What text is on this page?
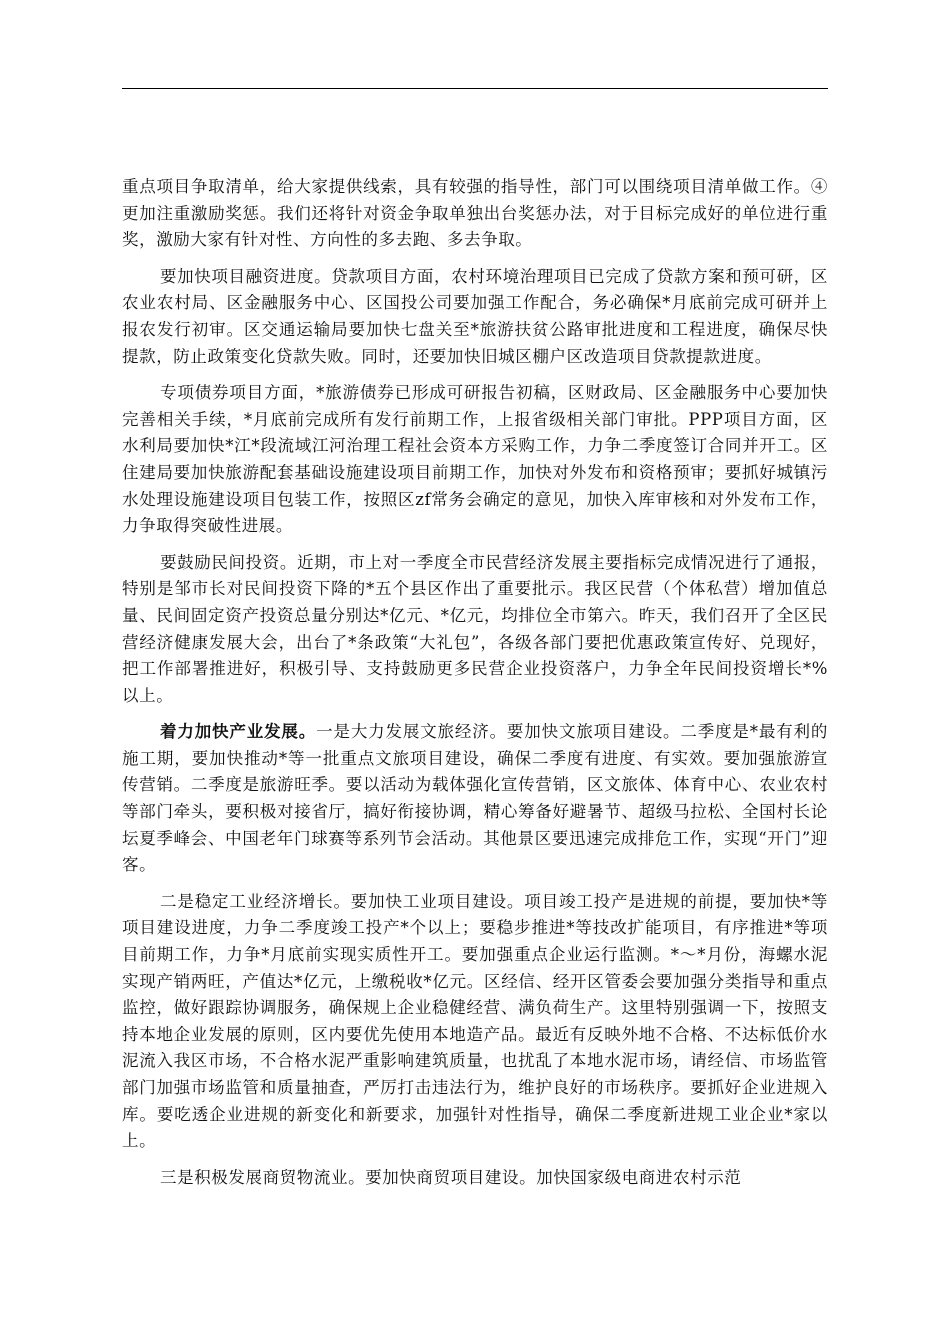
重点项目争取清单，给大家提供线索，具有较强的指导性，部门可以围绕项目清单做工作。④更加注重激励奖惩。我们还将针对资金争取单独出台奖惩办法，对于目标完成好的单位进行重奖，激励大家有针对性、方向性的多去跑、多去争取。

要加快项目融资进度。贷款项目方面，农村环境治理项目已完成了贷款方案和预可研，区农业农村局、区金融服务中心、区国投公司要加强工作配合，务必确保*月底前完成可研并上报农发行初审。区交通运输局要加快七盘关至*旅游扶贫公路审批进度和工程进度，确保尽快提款，防止政策变化贷款失败。同时，还要加快旧城区棚户区改造项目贷款提款进度。

专项债券项目方面，*旅游债券已形成可研报告初稿，区财政局、区金融服务中心要加快完善相关手续，*月底前完成所有发行前期工作，上报省级相关部门审批。PPP项目方面，区水利局要加快*江*段流域江河治理工程社会资本方采购工作，力争二季度签订合同并开工。区住建局要加快旅游配套基础设施建设项目前期工作，加快对外发布和资格预审；要抓好城镇污水处理设施建设项目包装工作，按照区zf常务会确定的意见，加快入库审核和对外发布工作，力争取得突破性进展。

要鼓励民间投资。近期，市上对一季度全市民营经济发展主要指标完成情况进行了通报，特别是邹市长对民间投资下降的*五个县区作出了重要批示。我区民营（个体私营）增加值总量、民间固定资产投资总量分别达*亿元、*亿元，均排位全市第六。昨天，我们召开了全区民营经济健康发展大会，出台了*条政策“大礼包”，各级各部门要把优惠政策宣传好、兑现好，把工作部署推进好，积极引导、支持鼓励更多民营企业投资落户，力争全年民间投资增长*%以上。

着力加快产业发展。一是大力发展文旅经济。要加快文旅项目建设。二季度是*最有利的施工期，要加快推动*等一批重点文旅项目建设，确保二季度有进度、有实效。要加强旅游宣传营销。二季度是旅游旺季。要以活动为载体强化宣传营销，区文旅体、体育中心、农业农村等部门牵头，要积极对接省厅，搞好衔接协调，精心筹备好避暑节、超级马拉松、全国村长论坛夏季峰会、中国老年门球赛等系列节会活动。其他景区要迅速完成排危工作，实现“开门”迎客。

二是稳定工业经济增长。要加快工业项目建设。项目竣工投产是进规的前提，要加快*等项目建设进度，力争二季度竣工投产*个以上；要稳步推进*等技改扩能项目，有序推进*等项目前期工作，力争*月底前实现实质性开工。要加强重点企业运行监测。*～*月份，海螺水泥实现产销两旺，产值达*亿元，上缴税收*亿元。区经信、经开区管委会要加强分类指导和重点监控，做好跟踪协调服务，确保规上企业稳健经营、满负荷生产。这里特别强调一下，按照支持本地企业发展的原则，区内要优先使用本地造产品。最近有反映外地不合格、不达标低价水泥流入我区市场，不合格水泥严重影响建筑质量，也扰乱了本地水泥市场，请经信、市场监管部门加强市场监管和质量抽查，严厉打击违法行为，维护良好的市场秩序。要抓好企业进规入库。要吃透企业进规的新变化和新要求，加强针对性指导，确保二季度新进规工业企业*家以上。

三是积极发展商贸物流业。要加快商贸项目建设。加快国家级电商进农村示范
